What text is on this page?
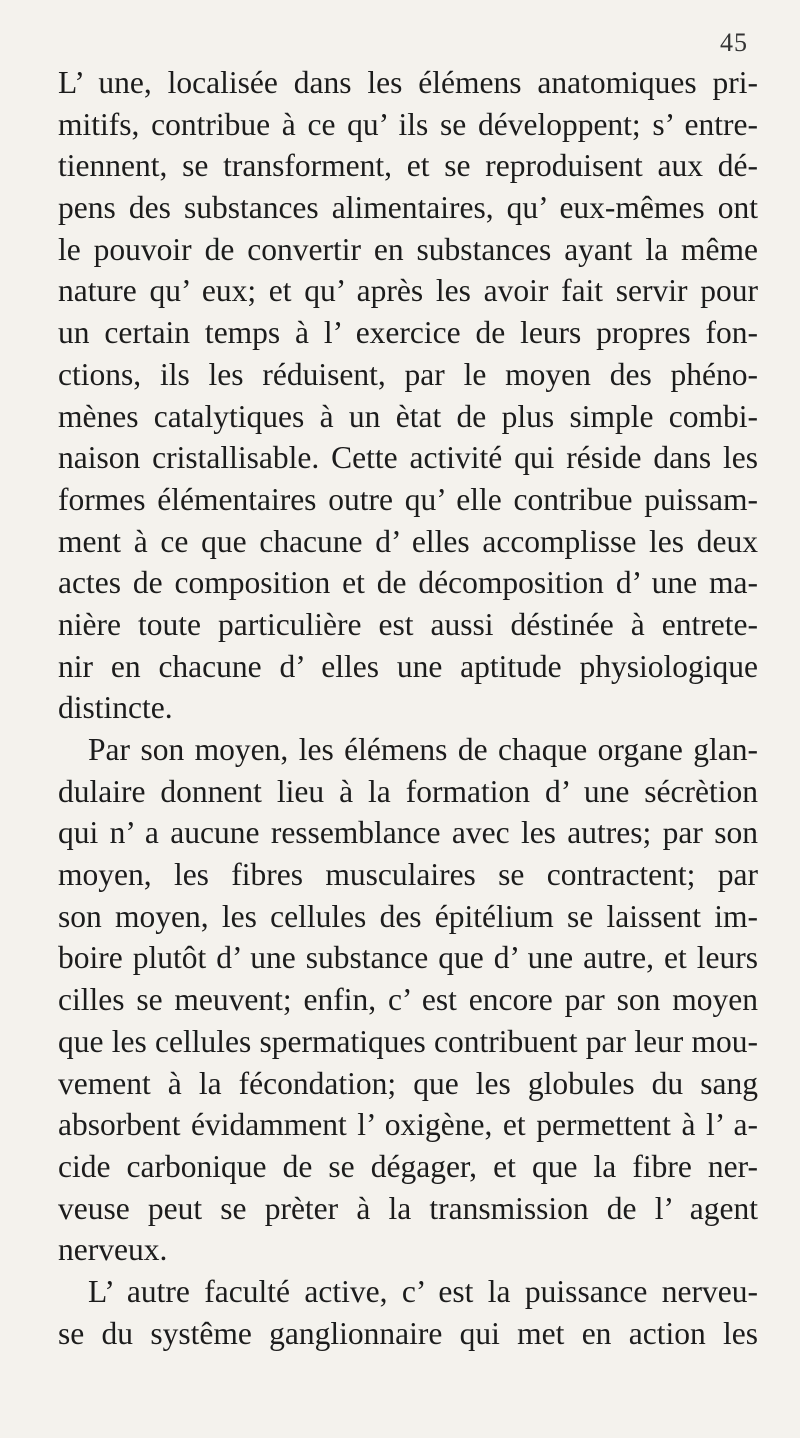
45
L’ une, localisée dans les élémens anatomiques pri-
mitifs, contribue à ce qu’ ils se développent; s’ entre-
tiennent, se transforment, et se reproduisent aux dé-
pens des substances alimentaires, qu’ eux-mêmes ont
le pouvoir de convertir en substances ayant la même
nature qu’ eux; et qu’ après les avoir fait servir pour
un certain temps à l’ exercice de leurs propres fon-
ctions, ils les réduisent, par le moyen des phéno-
mènes catalytiques à un ètat de plus simple combi-
naison cristallisable. Cette activité qui réside dans les
formes élémentaires outre qu’ elle contribue puissam-
ment à ce que chacune d’ elles accomplisse les deux
actes de composition et de décomposition d’ une ma-
nière toute particulière est aussi déstinée à entrete-
nir en chacune d’ elles une aptitude physiologique
distincte.
Par son moyen, les élémens de chaque organe glan-
dulaire donnent lieu à la formation d’ une sécrètion
qui n’ a aucune ressemblance avec les autres; par son
moyen, les fibres musculaires se contractent; par
son moyen, les cellules des épitélium se laissent im-
boire plutôt d’ une substance que d’ une autre, et leurs
cilles se meuvent; enfin, c’ est encore par son moyen
que les cellules spermatiques contribuent par leur mou-
vement à la fécondation; que les globules du sang
absorbent évidamment l’ oxigène, et permettent à l’ a-
cide carbonique de se dégager, et que la fibre ner-
veuse peut se prèter à la transmission de l’ agent
nerveux.
L’ autre faculté active, c’ est la puissance nerveu-
se du systême ganglionnaire qui met en action les
